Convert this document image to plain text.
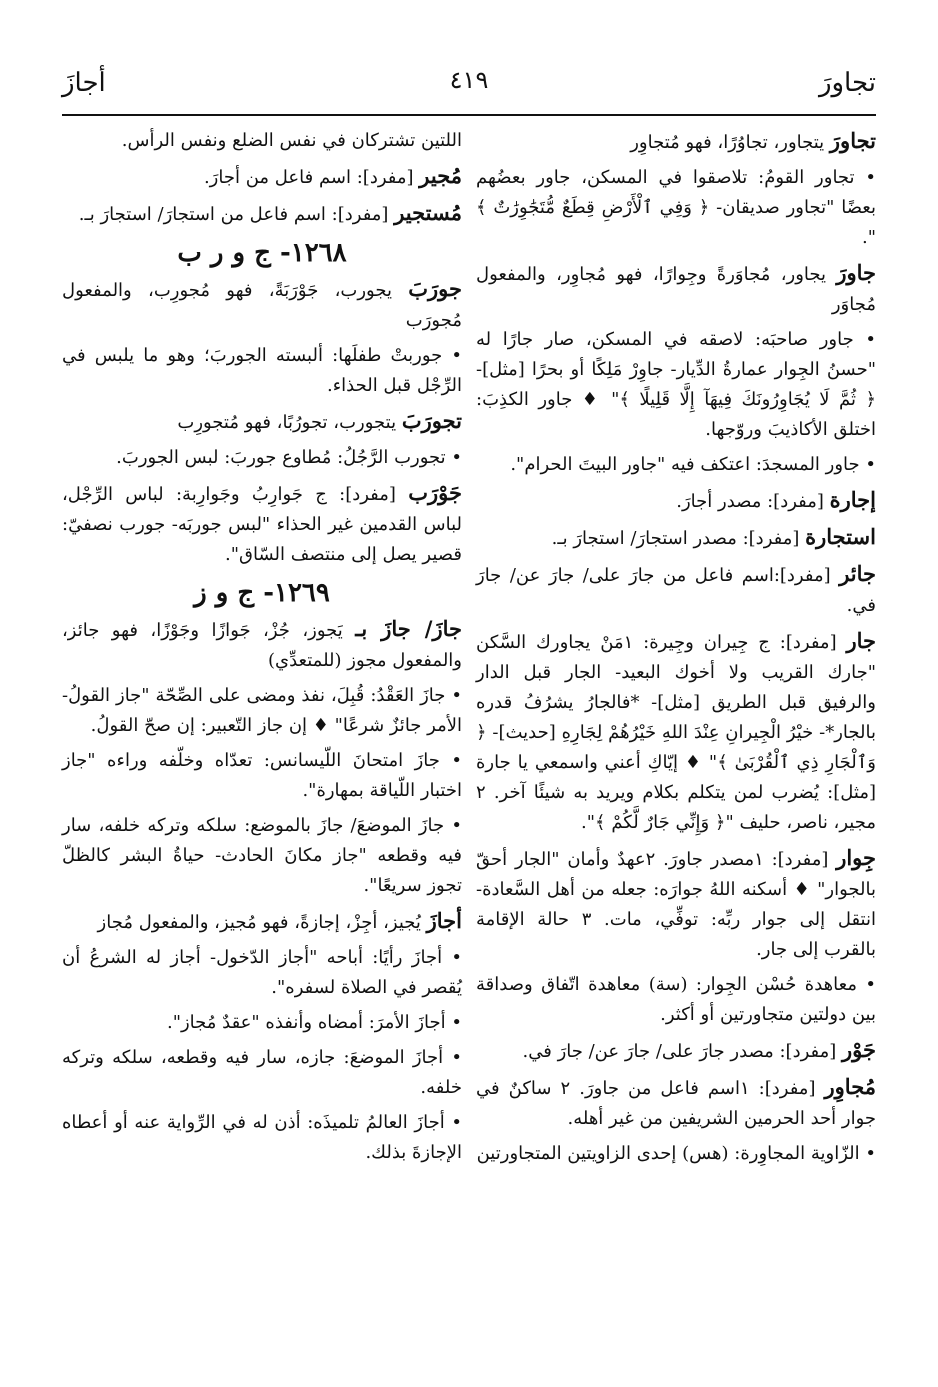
تجاورَ
٤١٩
أجازَ

تجاورَ يتجاور، تجاوُرًا، فهو مُتجاوِر

• تجاور القومُ: تلاصقوا في المسكن، جاور بعضُهم بعضًا "تجاور صديقان- ﴿ وَفِي ٱلْأَرْضِ قِطَعٌ مُّتَجَٰوِرَٰتٌ ﴾ ".

جاورَ يجاور، مُجاوَرةً وجِوارًا، فهو مُجاوِر، والمفعول مُجاوَر

• جاور صاحبَه: لاصقه في المسكن، صار جارًا له "حسنُ الجِوار عمارةُ الدِّيار- جاوِرْ مَلِكًا أو بحرًا [مثل]- ﴿ ثُمَّ لَا يُجَاوِرُونَكَ فِيهَآ إِلَّا قَلِيلًا ﴾" ♦ جاور الكذِبَ: اختلق الأكاذيبَ وروّجها.

• جاور المسجدَ: اعتكف فيه "جاور البيتَ الحرام".

إجارة [مفرد]: مصدر أجارَ.

استجارة [مفرد]: مصدر استجارَ/ استجارَ بـ.

جائر [مفرد]:اسم فاعل من جارَ على/ جارَ عن/ جارَ في.

جار [مفرد]: ج جِيران وجِيرة: ١مَنْ يجاورك السَّكن "جارك القريب ولا أخوك البعيد- الجار قبل الدار والرفيق قبل الطريق [مثل]- *فالجارُ يشرُفُ قدره بالجار*- خيْرُ الْجِيرانِ عِنْدَ اللهِ خَيْرُهُمْ لِجَارِهِ [حديث]- ﴿ وَٱلْجَارِ ذِي ٱلْقُرْبَىٰ ﴾" ♦ إيّاكِ أعني واسمعي يا جارة [مثل]: يُضرب لمن يتكلم بكلام ويريد به شيئًا آخر. ٢ مجير، ناصر، حليف "﴿ وَإِنِّي جَارٌ لَّكُمْ ﴾".

جِوار [مفرد]: ١مصدر جاورَ. ٢عهدٌ وأمان "الجار أحقّ بالجوار" ♦ أسكنه اللهُ جوارَه: جعله من أهل السَّعادة- انتقل إلى جوار ربِّه: توفِّي، مات. ٣ حالة الإقامة بالقرب إلى جار.

• معاهدة حُسْن الجِوار: (سة) معاهدة اتّفاق وصداقة بين دولتين متجاورتين أو أكثر.

جَوْر [مفرد]: مصدر جارَ على/ جارَ عن/ جارَ في.

مُجاوِر [مفرد]: ١اسم فاعل من جاورَ. ٢ ساكنٌ في جوار أحد الحرمين الشريفين من غير أهله.

• الزّاوية المجاوِرة: (هس) إحدى الزاويتين المتجاورتين

اللتين تشتركان في نفس الضلع ونفس الرأس.

مُجير [مفرد]: اسم فاعل من أجارَ.

مُستجير [مفرد]: اسم فاعل من استجارَ/ استجارَ بـ.

١٢٦٨- ج و ر ب

جورَبَ يجورب، جَوْرَبَةً، فهو مُجورِب، والمفعول مُجورَب

• جوربتْ طفلَها: ألبسته الجوربَ؛ وهو ما يلبس في الرِّجْل قبل الحذاء.

تجورَبَ يتجورب، تجورُبًا، فهو مُتجورِب

• تجورب الرَّجُلُ: مُطاوع جوربَ: لبس الجوربَ.

جَوْرَب [مفرد]: ج جَوارِبُ وجَوارِبة: لباس الرِّجْل، لباس القدمين غير الحذاء "لبس جوربَه- جورب نصفيّ: قصير يصل إلى منتصف السّاق".

١٢٦٩- ج و ز

جازَ/ جازَ بـ يَجوز، جُزْ، جَوازًا وجَوْزًا، فهو جائز، والمفعول مجوز (للمتعدِّي)

• جازَ العَقْدُ: قُبِلَ، نفذ ومضى على الصِّحّة "جاز القولُ- الأمر جائزٌ شرعًا" ♦ إن جاز التّعبير: إن صحّ القولُ.

• جازَ امتحانَ اللّيسانس: تعدّاه وخلّفه وراءه "جاز اختبار اللّياقة بمهارة".

• جازَ الموضعَ/ جازَ بالموضع: سلكه وتركه خلفه، سار فيه وقطعه "جاز مكانَ الحادث- حياةُ البشر كالظلّ تجوز سريعًا".

أجازَ يُجيز، أجِزْ، إجازةً، فهو مُجيز، والمفعول مُجاز

• أجازَ رأيًا: أباحه "أجاز الدّخول- أجاز له الشرعُ أن يُقصر في الصلاة لسفره".

• أجازَ الأمرَ: أمضاه وأنفذه "عقدٌ مُجاز".

• أجازَ الموضعَ: جازه، سار فيه وقطعه، سلكه وتركه خلفه.

• أجازَ العالمُ تلميذَه: أذن له في الرِّواية عنه أو أعطاه الإجازةَ بذلك.
